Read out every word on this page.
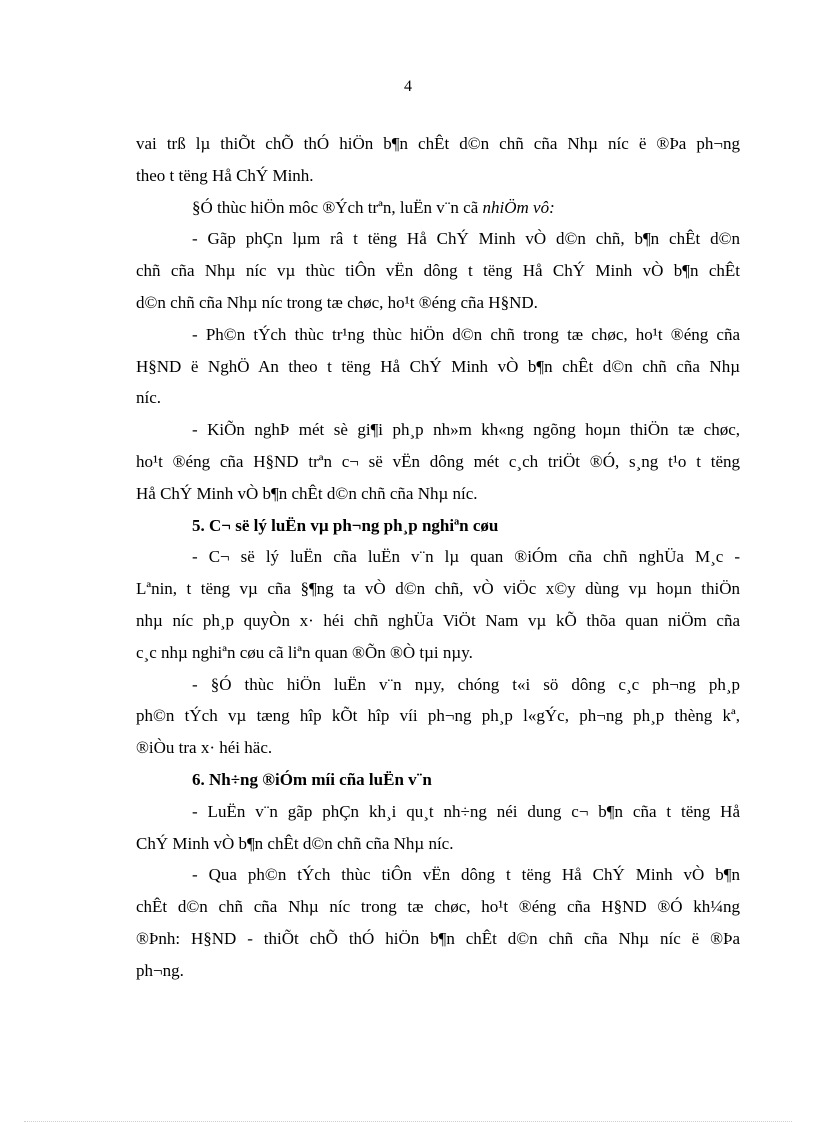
4
vai trß lµ thiÕt chÕ thÓ hiÖn b¶n chÊt d©n chñ cña Nhµ níc ë ®Þa ph¬ng
theo t tëng Hå ChÝ Minh.
§Ó thùc hiÖn môc ®Ých trªn, luËn v¨n cã nhiÖm vô:
- Gãp phÇn lµm râ t tëng Hå ChÝ Minh vÒ d©n chñ, b¶n chÊt d©n
chñ cña Nhµ níc vµ thùc tiÔn vËn dông t tëng Hå ChÝ Minh vÒ b¶n chÊt
d©n chñ cña Nhµ níc trong tæ chøc, ho¹t ®éng cña H§ND.
- Ph©n tÝch thùc tr¹ng thùc hiÖn d©n chñ trong tæ chøc, ho¹t ®éng cña
H§ND ë NghÖ An theo t tëng Hå ChÝ Minh vÒ b¶n chÊt d©n chñ cña Nhµ
níc.
- KiÕn nghÞ mét sè gi¶i ph¸p nh»m kh«ng ngõng hoµn thiÖn tæ chøc,
ho¹t ®éng cña H§ND trªn c¬ së vËn dông mét c¸ch triÖt ®Ó, s¸ng t¹o t tëng
Hå ChÝ Minh vÒ b¶n chÊt d©n chñ cña Nhµ níc.
5. C¬ së lý luËn vµ ph¬ng ph¸p nghiªn cøu
- C¬ së lý luËn cña luËn v¨n lµ quan ®iÓm cña chñ nghÜa M¸c -
Lªnin, t tëng vµ cña §¶ng ta vÒ d©n chñ, vÒ viÖc x©y dùng vµ hoµn thiÖn
nhµ níc ph¸p quyÒn x· héi chñ nghÜa ViÖt Nam vµ kÕ thõa quan niÖm cña
c¸c nhµ nghiªn cøu cã liªn quan ®Õn ®Ò tµi nµy.
- §Ó thùc hiÖn luËn v¨n nµy, chóng t«i sö dông c¸c ph¬ng ph¸p
ph©n tÝch vµ tæng hîp kÕt hîp víi ph¬ng ph¸p l«gÝc, ph¬ng ph¸p thèng kª,
®iÒu tra x· héi häc.
6. Nh÷ng ®iÓm míi cña luËn v¨n
- LuËn v¨n gãp phÇn kh¸i qu¸t nh÷ng néi dung c¬ b¶n cña t tëng Hå
ChÝ Minh vÒ b¶n chÊt d©n chñ cña Nhµ níc.
- Qua ph©n tÝch thùc tiÔn vËn dông t tëng Hå ChÝ Minh vÒ b¶n
chÊt d©n chñ cña Nhµ níc trong tæ chøc, ho¹t ®éng cña H§ND ®Ó kh¼ng
®Þnh: H§ND - thiÕt chÕ thÓ hiÖn b¶n chÊt d©n chñ cña Nhµ níc ë ®Þa
ph¬ng.
